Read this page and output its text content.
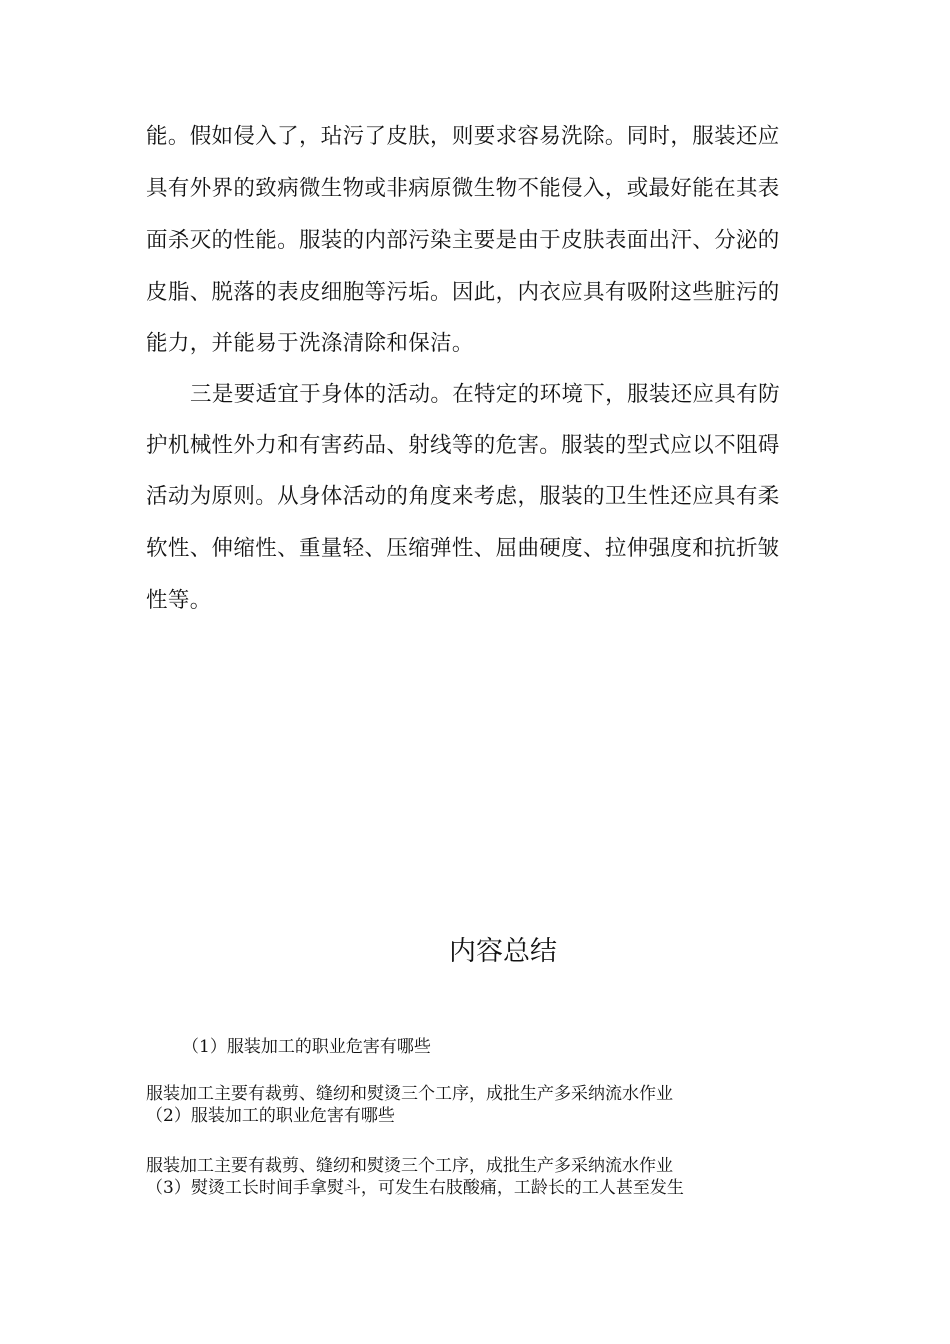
能。假如侵入了，玷污了皮肤，则要求容易洗除。同时，服装还应
具有外界的致病微生物或非病原微生物不能侵入，或最好能在其表
面杀灭的性能。服装的内部污染主要是由于皮肤表面出汗、分泌的
皮脂、脱落的表皮细胞等污垢。因此，内衣应具有吸附这些脏污的
能力，并能易于洗涤清除和保洁。
三是要适宜于身体的活动。在特定的环境下，服装还应具有防
护机械性外力和有害药品、射线等的危害。服装的型式应以不阻碍
活动为原则。从身体活动的角度来考虑，服装的卫生性还应具有柔
软性、伸缩性、重量轻、压缩弹性、屈曲硬度、拉伸强度和抗折皱
性等。
内容总结
（1）服装加工的职业危害有哪些
服装加工主要有裁剪、缝纫和熨烫三个工序，成批生产多采纳流水作业
（2）服装加工的职业危害有哪些
服装加工主要有裁剪、缝纫和熨烫三个工序，成批生产多采纳流水作业
（3）熨烫工长时间手拿熨斗，可发生右肢酸痛，工龄长的工人甚至发生
